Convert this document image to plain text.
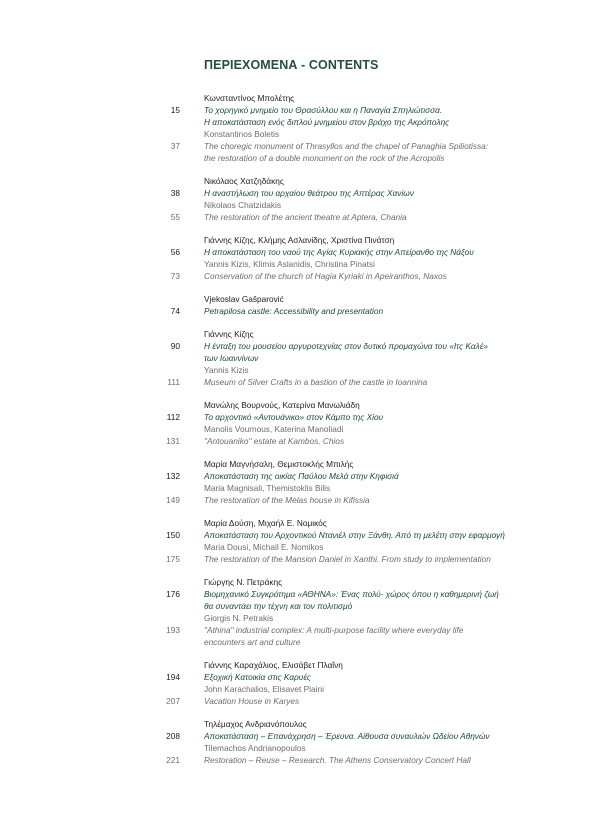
ΠΕΡΙΕΧΟΜΕΝΑ - CONTENTS
Κωνσταντίνος Μπολέτης
15	Το χορηγικό μνημείο του Θρασύλλου και η Παναγία Σπηλιώτισσα.
Η αποκατάσταση ενός διπλού μνημείου στον βράχο της Ακρόπολης
Konstantinos Boletis
37	The choregic monument of Thrasyllos and the chapel of Panaghia Spiliotissa:
the restoration of a double monument on the rock of the Acropolis
Νικόλαος Χατζηδάκης
38	Η αναστήλωση του αρχαίου θεάτρου της Απτέρας Χανίων
Nikolaos Chatzidakis
55	The restoration of the ancient theatre at Aptera, Chania
Γιάννης Κίζης, Κλήμης Ασλανίδης, Χριστίνα Πινάτση
56	Η αποκατάσταση του ναού της Αγίας Κυριακής στην Απείρανθο της Νάξου
Yannis Kizis, Klimis Aslanidis, Christina Pinatsi
73	Conservation of the church of Hagia Kyriaki in Apeiranthos, Naxos
Vjekoslav Gašparović
74	Petrapilosa castle: Accessibility and presentation
Γιάννης Κίζης
90	Η ένταξη του μουσείου αργυροτεχνίας στον δυτικό προμαχώνα του «Ιτς Καλέ»
των Ιωαννίνων
Yannis Kizis
111	Museum of Silver Crafts in a bastion of the castle in Ioannina
Μανώλης Βουρνούς, Κατερίνα Μανωλιάδη
112	Το αρχοντικό «Αντουάνικο» στον Κάμπο της Χίου
Manolis Vournous, Katerina Manoliadi
131	"Antouaniko" estate at Kambos, Chios
Μαρία Μαγνήσαλη, Θεμιστοκλής Μπιλής
132	Αποκατάσταση της οικίας Παύλου Μελά στην Κηφισιά
Maria Magnisali, Themistoklis Bilis
149	The restoration of the Melas house in Kifissia
Μαρία Δούση, Μιχαήλ Ε. Νομικός
150	Αποκατάσταση του Αρχοντικού Ντανιέλ στην Ξάνθη. Από τη μελέτη στην εφαρμογή
Maria Dousi, Michail E. Nomikos
175	The restoration of the Mansion Daniel in Xanthi. From study to implementation
Γιώργης Ν. Πετράκης
176	Βιομηχανικό Συγκρότημα «ΑΘΗΝΑ»: Ένας πολύ- χώρος όπου η καθημερινή ζωή
θα συναντάει την τέχνη και τον πολιτισμό
Giorgis N. Petrakis
193	"Athina" industrial complex: A multi-purpose facility where everyday life
encounters art and culture
Γιάννης Καραχάλιος, Ελισάβετ Πλαΐνη
194	Εξοχική Κατοικία στις Καρυές
John Karachalios, Elisavet Plaini
207	Vacation House in Karyes
Τηλέμαχος Ανδριανόπουλος
208	Αποκατάσταση – Επανάχρηση – Έρευνα. Αίθουσα συναυλιών Ωδείου Αθηνών
Tilemachos Andrianopoulos
221	Restoration – Reuse – Research. The Athens Conservatory Concert Hall
